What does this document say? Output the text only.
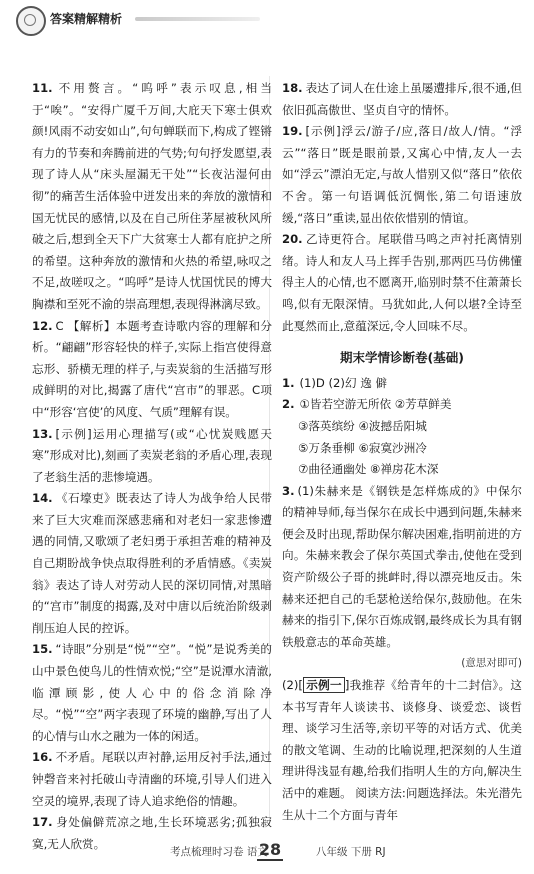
答案精解精析

11. 不用赘言。“呜呼”表示叹息,相当于“唉”。“安得广厦千万间,大庇天下寒士俱欢颜!风雨不动安如山”,句句蝉联而下,构成了铿锵有力的节奏和奔腾前进的气势;句句抒发愿望,表现了诗人从“床头屋漏无干处”“长夜沾湿何由彻”的痛苦生活体验中迸发出来的奔放的激情和国无忧民的感情,以及在自己所住茅屋被秋风所破之后,想到全天下广大贫寒士人都有庇护之所的希望。这种奔放的激情和火热的希望,咏叹之不足,故嗟叹之。“呜呼”是诗人忧国忧民的博大胸襟和至死不渝的崇高理想,表现得淋漓尽致。

12. C 【解析】本题考查诗歌内容的理解和分析。“翩翩”形容轻快的样子,实际上指宫使得意忘形、骄横无理的样子,与卖炭翁的生活描写形成鲜明的对比,揭露了唐代“宫市”的罪恶。C项中“形容‘宫使’的风度、气质”理解有误。

13. [示例]运用心理描写(或“心忧炭贱愿天寒”形成对比),刻画了卖炭老翁的矛盾心理,表现了老翁生活的悲惨境遇。

14. 《石壕吏》既表达了诗人为战争给人民带来了巨大灾难而深感悲痛和对老妇一家悲惨遭遇的同情,又歌颂了老妇勇于承担苦难的精神及自己期盼战争快点取得胜利的矛盾情感。《卖炭翁》表达了诗人对劳动人民的深切同情,对黑暗的“宫市”制度的揭露,及对中唐以后统治阶级剥削压迫人民的控诉。

15. “诗眼”分别是“悦”“空”。“悦”是说秀美的山中景色使鸟儿的性情欢悦;“空”是说潭水清澈,临潭顾影,使人心中的俗念消除净尽。“悦”“空”两字表现了环境的幽静,写出了人的心情与山水之融为一体的闲适。

16. 不矛盾。尾联以声衬静,运用反衬手法,通过钟磬音来衬托破山寺清幽的环境,引导人们进入空灵的境界,表现了诗人追求绝俗的情趣。

17. 身处偏僻荒凉之地,生长环境恶劣;孤独寂寞,无人欣赏。

18. 表达了词人在仕途上虽屡遭排斥,很不通,但依旧孤高傲世、坚贞自守的情怀。

19. [示例]浮云/游子/应,落日/故人/情。“浮云”“落日”既是眼前景,又寓心中情,友人一去如“浮云”漂泊无定,与故人惜别又似“落日”依依不舍。第一句语调低沉惆怅,第二句语速放缓,“落日”重读,显出依依惜别的情谊。

20. 乙诗更符合。尾联借马鸣之声衬托离情别绪。诗人和友人马上挥手告别,那两匹马仿佛懂得主人的心情,也不愿离开,临别时禁不住萧萧长鸣,似有无限深情。马犹如此,人何以堪?全诗至此戛然而止,意蕴深远,令人回味不尽。

期末学情诊断卷(基础)
1. (1)D (2)幻 逸 僻
2. ①皆若空游无所依 ②芳草鲜美
③落英缤纷 ④波撼岳阳城
⑤万条垂柳 ⑥寂寞沙洲冷
⑦曲径通幽处 ⑧禅房花木深

3. (1)朱赫来是《钢铁是怎样炼成的》中保尔的精神导师,每当保尔在成长中遇到问题,朱赫来便会及时出现,帮助保尔解决困难,指明前进的方向。朱赫来教会了保尔英国式拳击,使他在受到资产阶级公子哥的挑衅时,得以漂亮地反击。朱赫来还把自己的毛瑟枪送给保尔,鼓励他。在朱赫来的指引下,保尔百炼成钢,最终成长为具有钢铁般意志的革命英雄。

(意思对即可)

(2)[ 示例一 ]我推荐《给青年的十二封信》。这本书写青年人谈读书、谈修身、谈爱恋、谈哲理、谈学习生活等,亲切平等的对话方式、优美的散文笔调、生动的比喻说理,把深刻的人生道理讲得浅显有趣,给我们指明人生的方向,解决生活中的难题。 阅读方法:问题选择法。朱光潜先生从十二个方面与青年

考点梳理时习卷 语文
28	八年级 下册 RJ
